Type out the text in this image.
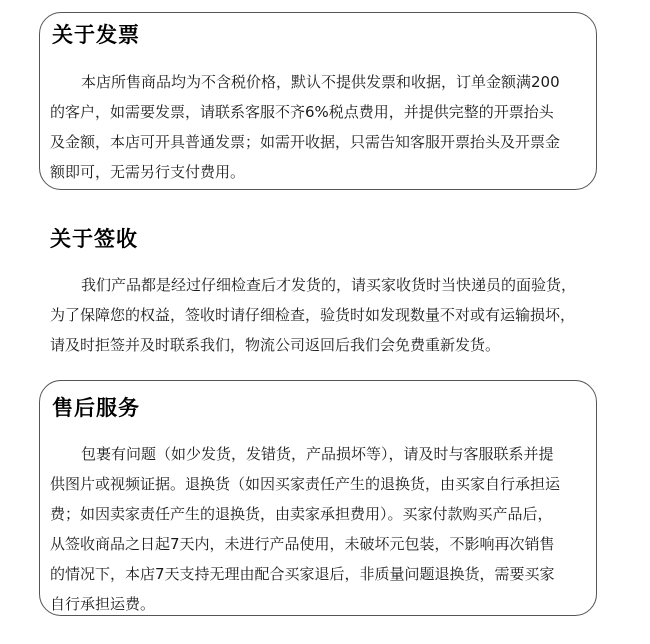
关于发票
本店所售商品均为不含税价格，默认不提供发票和收据，订单金额满200
的客户，如需要发票，请联系客服不齐6%税点费用，并提供完整的开票抬头
及金额，本店可开具普通发票；如需开收据，只需告知客服开票抬头及开票金
额即可，无需另行支付费用。
关于签收
我们产品都是经过仔细检查后才发货的，请买家收货时当快递员的面验货，
为了保障您的权益，签收时请仔细检查，验货时如发现数量不对或有运输损坏，
请及时拒签并及时联系我们，物流公司返回后我们会免费重新发货。
售后服务
包裹有问题（如少发货，发错货，产品损坏等），请及时与客服联系并提
供图片或视频证据。退换货（如因买家责任产生的退换货，由买家自行承担运
费；如因卖家责任产生的退换货，由卖家承担费用）。买家付款购买产品后，
从签收商品之日起7天内，未进行产品使用，未破坏元包装，不影响再次销售
的情况下，本店7天支持无理由配合买家退后，非质量问题退换货，需要买家
自行承担运费。
